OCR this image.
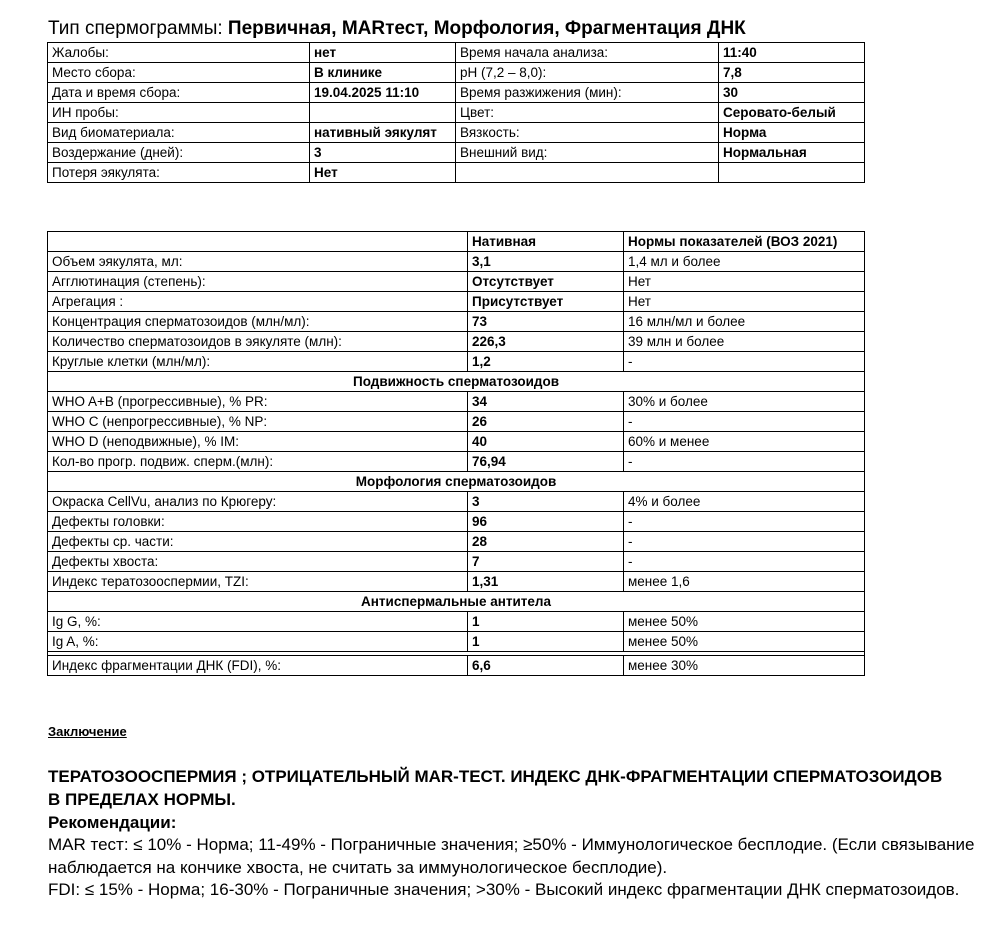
Тип спермограммы: Первичная, MARтест, Морфология, Фрагментация ДНК
Жалобы:	нет	Время начала анализа:	11:40
Место сбора:	В клинике	pH (7,2 – 8,0):	7,8
Дата и время сбора:	19.04.2025 11:10	Время разжижения (мин):	30
ИН пробы:		Цвет:	Серовато-белый
Вид биоматериала:	нативный эякулят	Вязкость:	Норма
Воздержание (дней):	3	Внешний вид:	Нормальная
Потеря эякулята:	Нет		
	Нативная	Нормы показателей (ВОЗ 2021)
Объем эякулята, мл:	3,1	1,4 мл и более
Агглютинация (степень):	Отсутствует	Нет
Агрегация :	Присутствует	Нет
Концентрация сперматозоидов (млн/мл):	73	16 млн/мл и более
Количество сперматозоидов в эякуляте (млн):	226,3	39 млн и более
Круглые клетки (млн/мл):	1,2	-
Подвижность сперматозоидов		
WHO A+B (прогрессивные), % PR:	34	30% и более
WHO C (непрогрессивные), % NP:	26	-
WHO D (неподвижные), % IM:	40	60% и менее
Кол-во прогр. подвиж. сперм.(млн):	76,94	-
Морфология сперматозоидов		
Окраска CellVu, анализ по Крюгеру:	3	4% и более
Дефекты головки:	96	-
Дефекты ср. части:	28	-
Дефекты хвоста:	7	-
Индекс тератозооспермии, TZI:	1,31	менее 1,6
Антиспермальные антитела		
Ig G, %:	1	менее 50%
Ig A, %:	1	менее 50%

Индекс фрагментации ДНК (FDI), %:	6,6	менее 30%
Заключение
ТЕРАТОЗООСПЕРМИЯ ; ОТРИЦАТЕЛЬНЫЙ MAR-ТЕСТ. ИНДЕКС ДНК-ФРАГМЕНТАЦИИ СПЕРМАТОЗОИДОВ В ПРЕДЕЛАХ НОРМЫ.
Рекомендации:
MAR тест: ≤ 10% - Норма; 11-49% - Пограничные значения; ≥50% - Иммунологическое бесплодие. (Если связывание наблюдается на кончике хвоста, не считать за иммунологическое бесплодие).
FDI: ≤ 15% - Норма; 16-30% - Пограничные значения; >30% - Высокий индекс фрагментации ДНК сперматозоидов.
